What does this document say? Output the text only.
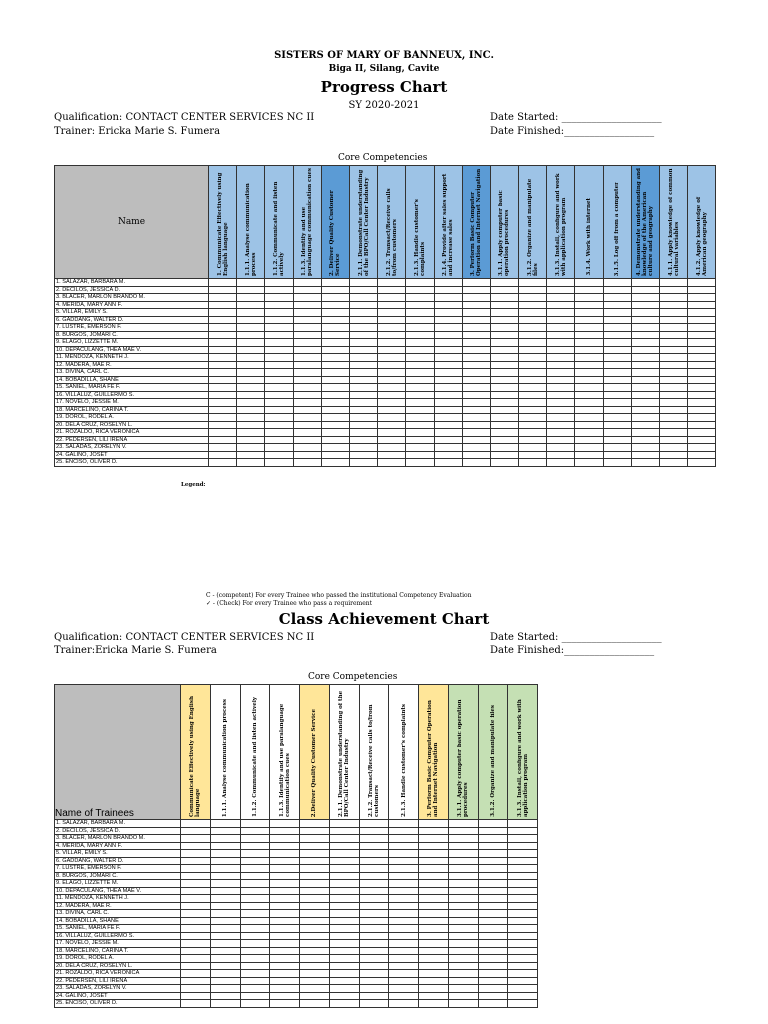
SISTERS OF MARY OF BANNEUX, INC.
Biga II, Silang, Cavite
Progress Chart
SY 2020-2021
Qualification: CONTACT CENTER SERVICES NC II
Trainer: Ericka Marie S. Fumera
Date Started: ____________________
Date Finished:__________________
Core Competencies
Name	1. Communicate Effectively using English language	1.1.1. Analyse communication process	1.1.2. Communicate and listen actively	1.1.3. Identify and use paralanguage communication cues	2. Deliver Quality Customer Service	2.1.1. Demonstrate understanding of the BPO/Call Center Industry	2.1.2. Transact/Receive calls to/from customers	2.1.3. Handle customer's complaints	2.1.4. Provide after sales support and increase sales	3. Perform Basic Computer Operation and Internet Navigation	3.1.1. Apply computer basic operation procedures	3.1.2. Organize and manipulate files	3.1.3. Install, configure and work with application program	3.1.4. Work with internet	3.1.5. Log off from a computer	4. Demonstrate understanding and knowledge of the American culture and geography	4.1.1. Apply knowledge of common cultural variables	4.1.2. Apply knowledge of American geography

1. SALAZAR, BARBARA M.																		
2. DECILOS, JESSICA D.																		
3. BLACER, MARLON BRANDO M.																		
4. MERIDA, MARY ANN F.																		
5. VILLAR, EMILY S.																		
6. GADDANG, WALTER D.																		
7. LUSTRE, EMERSON F.																		
8. BURGOS, JOMARI C.																		
9. ELAGO, LIZZETTE M.																		
10. DEPACULANG, THEA MAE V.																		
11. MENDOZA, KENNETH J.																		
12. MADERA, MAE R.																		
13. DIVINA, CARL C.																		
14. BOBADILLA, SHANE																		
15. SANIEL, MARIA FE F.																		
16. VILLALUZ, GUILLERMO S.																		
17. NOVELO, JESSIE M.																		
18. MARCELINO, CARINA T.																		
19. DOROL, RODEL A.																		
20. DELA CRUZ, ROSELYN L.																		
21. ROZALDO, RICA VERONICA																		
22. PEDERSEN, LILI IRENA																		
23. SALADAS, ZORELYN V.																		
24. GALINO, JOSET																		
25. ENCISO, OLIVER D.																		
Legend:
C - (competent) For every Trainee who passed the institutional Competency Evaluation
✓ - (Check) For every Trainee who pass a requirement
Class Achievement Chart
Qualification: CONTACT CENTER SERVICES NC II
Trainer:Ericka Marie S. Fumera
Date Started: ____________________
Date Finished:__________________
Core Competencies
Name of Trainees	Communicate Effectively using English language	1.1.1. Analyse communication process	1.1.2. Communicate and listen actively	1.1.3. Identify and use paralanguage communication cues	2.Deliver Quality Customer Service	2.1.1. Demonstrate understanding of the BPO/Call Center Industry	2.1.2. Transact/Receive calls to/from customers	2.1.3. Handle customer's complaints	3. Perform Basic Computer Operation and Internet Navigation	3.1.1. Apply computer basic operation procedures	3.1.2. Organize and manipulate files	3.1.3. Install, configure and work with application program

1. SALAZAR, BARBARA M.												
2. DECILOS, JESSICA D.												
3. BLACER, MARLON BRANDO M.												
4. MERIDA, MARY ANN F.												
5. VILLAR, EMILY S.												
6. GADDANG, WALTER D.												
7. LUSTRE, EMERSON F.												
8. BURGOS, JOMARI C.												
9. ELAGO, LIZZETTE M.												
10. DEPACULANG, THEA MAE V.												
11. MENDOZA, KENNETH J.												
12. MADERA, MAE R.												
13. DIVINA, CARL C.												
14. BOBADILLA, SHANE												
15. SANIEL, MARIA FE F.												
16. VILLALUZ, GUILLERMO S.												
17. NOVELO, JESSIE M.												
18. MARCELINO, CARINA T.												
19. DOROL, RODEL A.												
20. DELA CRUZ, ROSELYN L.												
21. ROZALDO, RICA VERONICA												
22. PEDERSEN, LILI IRENA												
23. SALADAS, ZORELYN V.												
24. GALINO, JOSET												
25. ENCISO, OLIVER D.												
